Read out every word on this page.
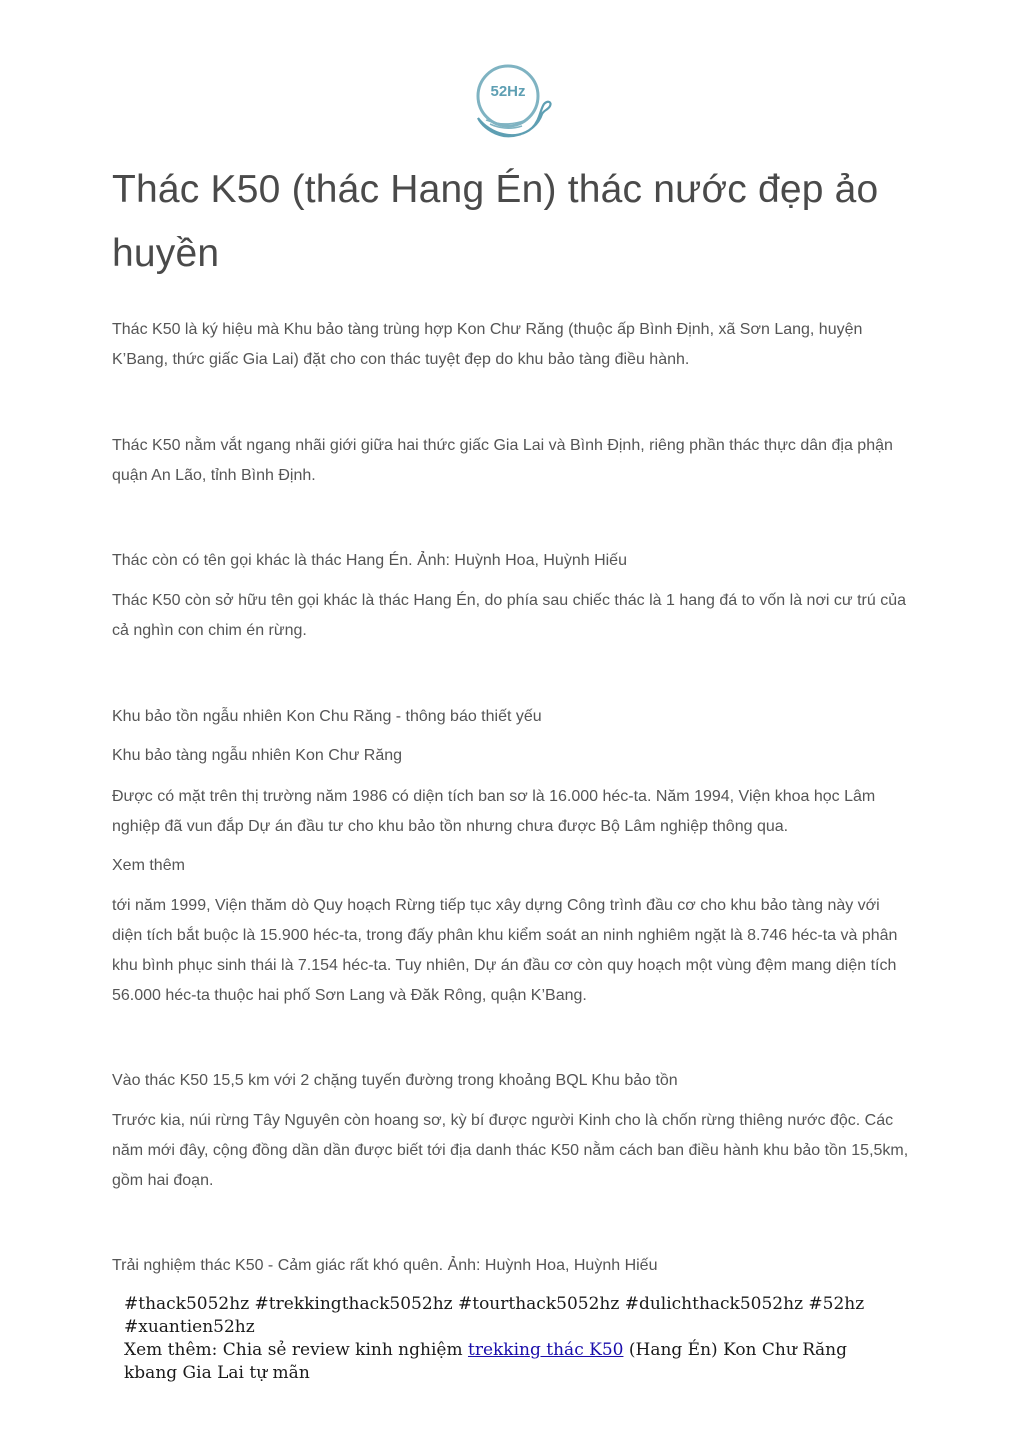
52Hz
Thác K50 (thác Hang Én) thác nước đẹp ảo huyền

Thác K50 là ký hiệu mà Khu bảo tàng trùng hợp Kon Chư Răng (thuộc ấp Bình Định, xã Sơn Lang, huyện K’Bang, thức giấc Gia Lai) đặt cho con thác tuyệt đẹp do khu bảo tàng điều hành.

Thác K50 nằm vắt ngang nhãi giới giữa hai thức giấc Gia Lai và Bình Định, riêng phần thác thực dân địa phận quận An Lão, tỉnh Bình Định.

Thác còn có tên gọi khác là thác Hang Én. Ảnh: Huỳnh Hoa, Huỳnh Hiếu

Thác K50 còn sở hữu tên gọi khác là thác Hang Én, do phía sau chiếc thác là 1 hang đá to vốn là nơi cư trú của cả nghìn con chim én rừng.

Khu bảo tồn ngẫu nhiên Kon Chu Răng - thông báo thiết yếu

Khu bảo tàng ngẫu nhiên Kon Chư Răng

Được có mặt trên thị trường năm 1986 có diện tích ban sơ là 16.000 héc-ta. Năm 1994, Viện khoa học Lâm nghiệp đã vun đắp Dự án đầu tư cho khu bảo tồn nhưng chưa được Bộ Lâm nghiệp thông qua.

Xem thêm

tới năm 1999, Viện thăm dò Quy hoạch Rừng tiếp tục xây dựng Công trình đầu cơ cho khu bảo tàng này với diện tích bắt buộc là 15.900 héc-ta, trong đấy phân khu kiểm soát an ninh nghiêm ngặt là 8.746 héc-ta và phân khu bình phục sinh thái là 7.154 héc-ta. Tuy nhiên, Dự án đầu cơ còn quy hoạch một vùng đệm mang diện tích 56.000 héc-ta thuộc hai phố Sơn Lang và Đăk Rông, quận K’Bang.

Vào thác K50 15,5 km với 2 chặng tuyến đường trong khoảng BQL Khu bảo tồn

Trước kia, núi rừng Tây Nguyên còn hoang sơ, kỳ bí được người Kinh cho là chốn rừng thiêng nước độc. Các năm mới đây, cộng đồng dần dần được biết tới địa danh thác K50 nằm cách ban điều hành khu bảo tồn 15,5km, gồm hai đoạn.

Trải nghiệm thác K50 - Cảm giác rất khó quên. Ảnh: Huỳnh Hoa, Huỳnh Hiếu

#thack5052hz #trekkingthack5052hz #tourthack5052hz #dulichthack5052hz #52hz #xuantien52hz
Xem thêm: Chia sẻ review kinh nghiệm trekking thác K50 (Hang Én) Kon Chư Răng kbang Gia Lai tự mãn
